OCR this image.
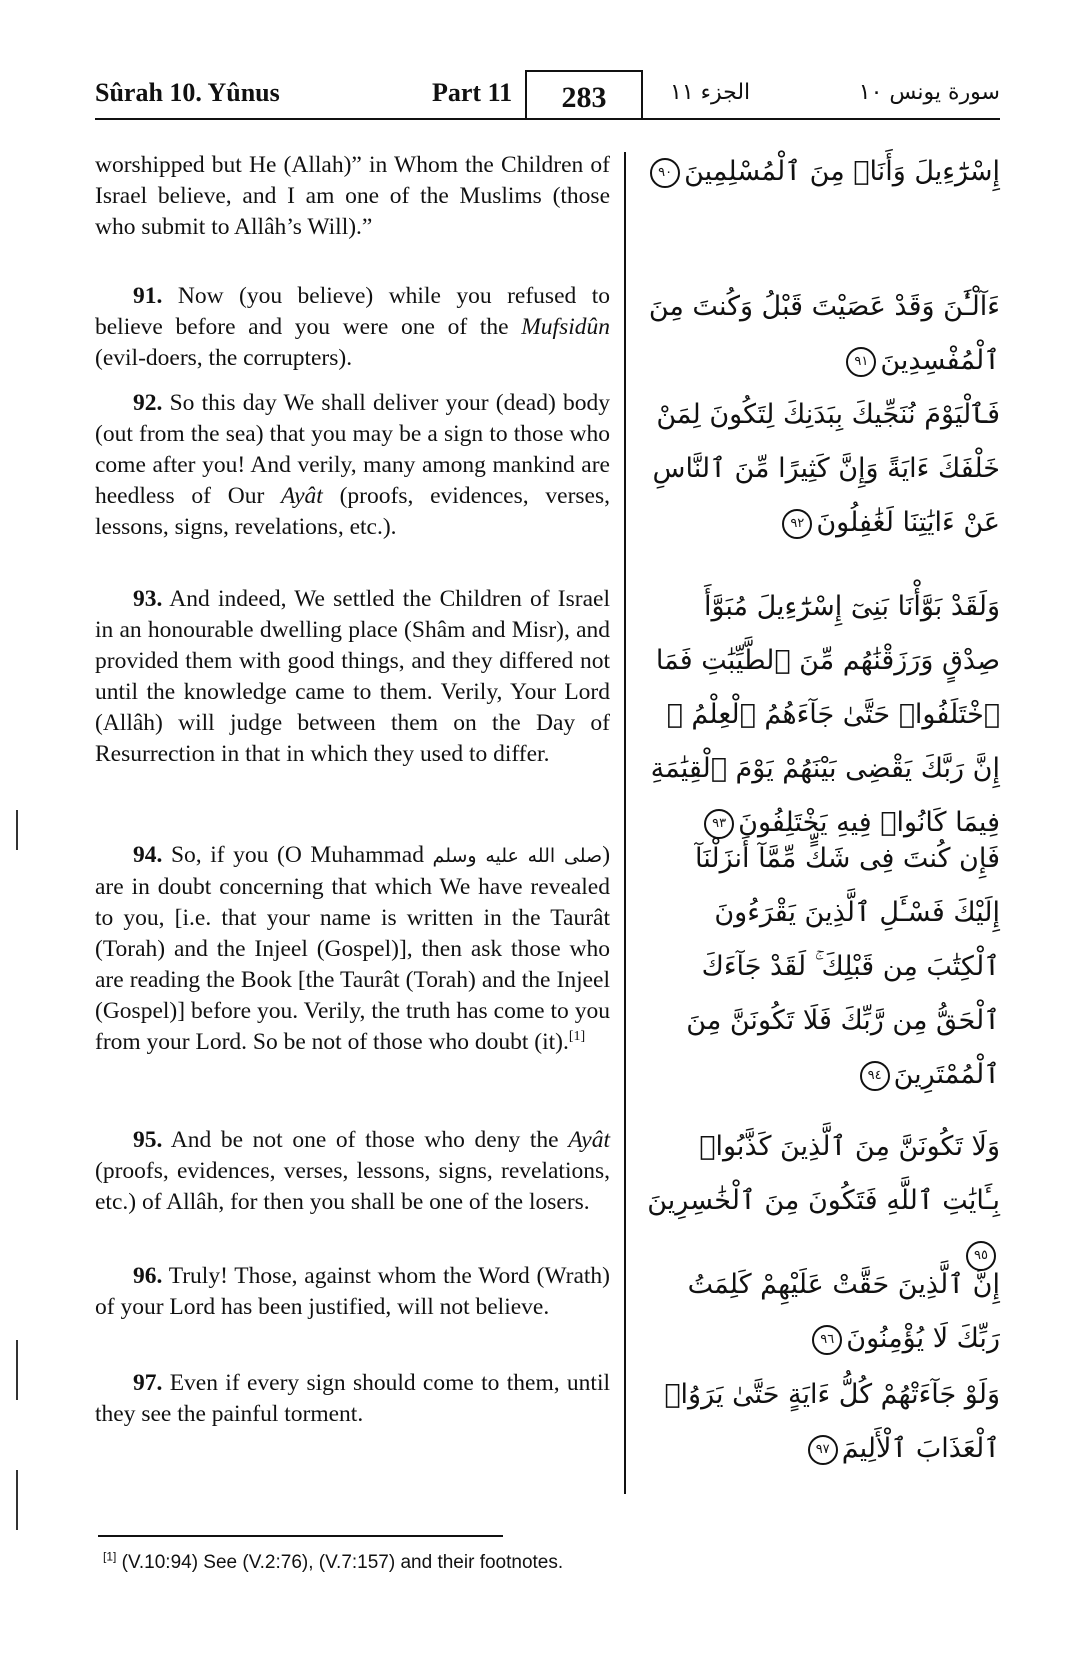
Sûrah 10. Yûnus	Part 11	283	الجزء ١١	سورة يونس ١٠
worshipped but He (Allah)” in Whom the Children of Israel believe, and I am one of the Muslims (those who submit to Allâh’s Will).”
91. Now (you believe) while you refused to believe before and you were one of the Mufsidûn (evil-doers, the corrupters).
92. So this day We shall deliver your (dead) body (out from the sea) that you may be a sign to those who come after you! And verily, many among mankind are heedless of Our Ayât (proofs, evidences, verses, lessons, signs, revelations, etc.).
93. And indeed, We settled the Children of Israel in an honourable dwelling place (Shâm and Misr), and provided them with good things, and they differed not until the knowledge came to them. Verily, Your Lord (Allâh) will judge between them on the Day of Resurrection in that in which they used to differ.
94. So, if you (O Muhammad صلى الله عليه وسلم) are in doubt concerning that which We have revealed to you, [i.e. that your name is written in the Taurât (Torah) and the Injeel (Gospel)], then ask those who are reading the Book [the Taurât (Torah) and the Injeel (Gospel)] before you. Verily, the truth has come to you from your Lord. So be not of those who doubt (it).[1]
95. And be not one of those who deny the Ayât (proofs, evidences, verses, lessons, signs, revelations, etc.) of Allâh, for then you shall be one of the losers.
96. Truly! Those, against whom the Word (Wrath) of your Lord has been justified, will not believe.
97. Even if every sign should come to them, until they see the painful torment.
إِسْرَٰٓءِيلَ وَأَنَا۠ مِنَ ٱلْمُسْلِمِينَ٩٠
ءَآلْـَٰٔنَ وَقَدْ عَصَيْتَ قَبْلُ وَكُنتَ مِنَ ٱلْمُفْسِدِينَ٩١
فَٱلْيَوْمَ نُنَجِّيكَ بِبَدَنِكَ لِتَكُونَ لِمَنْ خَلْفَكَ ءَايَةً وَإِنَّ كَثِيرًا مِّنَ ٱلنَّاسِ عَنْ ءَايَٰتِنَا لَغَٰفِلُونَ٩٢
وَلَقَدْ بَوَّأْنَا بَنِىٓ إِسْرَٰٓءِيلَ مُبَوَّأَ صِدْقٍ وَرَزَقْنَٰهُم مِّنَ ٱلطَّيِّبَٰتِ فَمَا ٱخْتَلَفُوا۟ حَتَّىٰ جَآءَهُمُ ٱلْعِلْمُ ۚ إِنَّ رَبَّكَ يَقْضِى بَيْنَهُمْ يَوْمَ ٱلْقِيَٰمَةِ فِيمَا كَانُوا۟ فِيهِ يَخْتَلِفُونَ٩٣
فَإِن كُنتَ فِى شَكٍّ مِّمَّآ أَنزَلْنَآ إِلَيْكَ فَسْـَٔلِ ٱلَّذِينَ يَقْرَءُونَ ٱلْكِتَٰبَ مِن قَبْلِكَ ۚ لَقَدْ جَآءَكَ ٱلْحَقُّ مِن رَّبِّكَ فَلَا تَكُونَنَّ مِنَ ٱلْمُمْتَرِينَ٩٤
وَلَا تَكُونَنَّ مِنَ ٱلَّذِينَ كَذَّبُوا۟ بِـَٔايَٰتِ ٱللَّهِ فَتَكُونَ مِنَ ٱلْخَٰسِرِينَ٩٥
إِنَّ ٱلَّذِينَ حَقَّتْ عَلَيْهِمْ كَلِمَتُ رَبِّكَ لَا يُؤْمِنُونَ٩٦
وَلَوْ جَآءَتْهُمْ كُلُّ ءَايَةٍ حَتَّىٰ يَرَوُا۟ ٱلْعَذَابَ ٱلْأَلِيمَ٩٧
[1] (V.10:94) See (V.2:76), (V.7:157) and their footnotes.
